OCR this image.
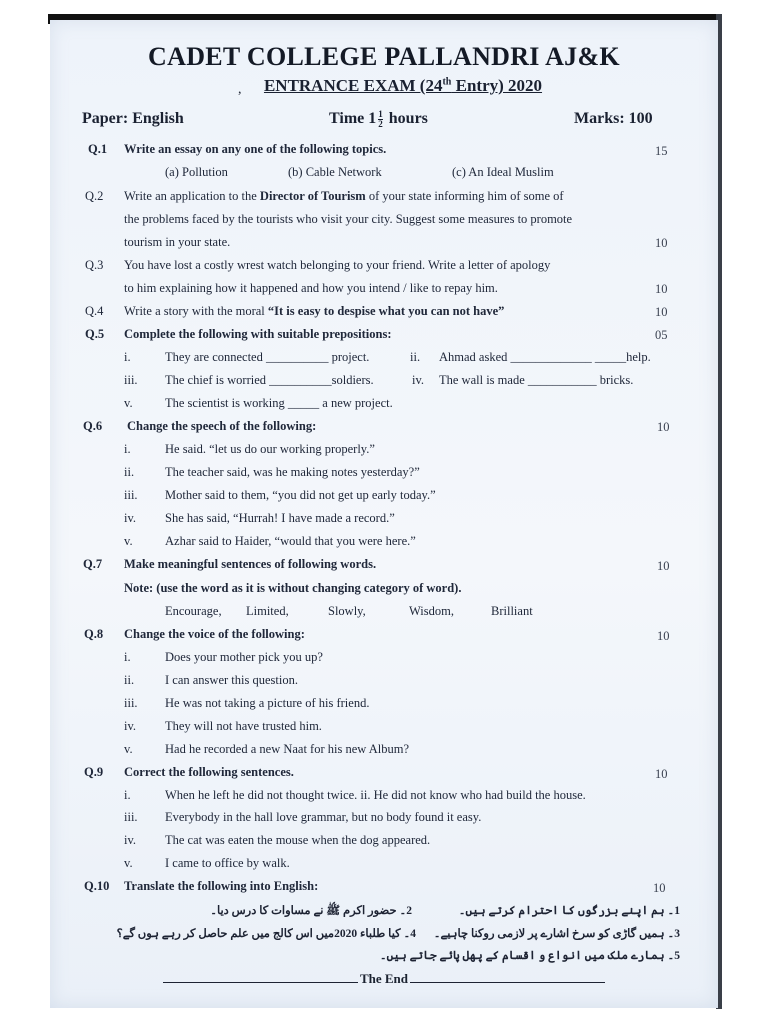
CADET COLLEGE PALLANDRI AJ&K
,	ENTRANCE EXAM (24th Entry) 2020
Paper: English	Time $1 \frac{1}{2}$ hours	Marks: 100
Q.1 Write an essay on any one of the following topics.	15
(a) Pollution	(b) Cable Network	(c) An Ideal Muslim
Q.2 Write an application to the Director of Tourism of your state informing him of some of
the problems faced by the tourists who visit your city. Suggest some measures to promote
tourism in your state.	10
Q.3 You have lost a costly wrest watch belonging to your friend. Write a letter of apology
to him explaining how it happened and how you intend / like to repay him.	10
Q.4 Write a story with the moral “It is easy to despise what you can not have”	10
Q.5 Complete the following with suitable prepositions:	05
i.	They are connected __________ project.	ii. Ahmad asked _____________ _____help.
iii. The chief is worried __________soldiers.	iv. The wall is made ___________ bricks.
v.	The scientist is working _____ a new project.
Q.6 Change the speech of the following:	10
i.	He said. “let us do our working properly.”
ii. The teacher said, was he making notes yesterday?”
iii. Mother said to them, “you did not get up early today.”
iv. She has said, “Hurrah! I have made a record.”
v.	Azhar said to Haider, “would that you were here.”
Q.7 Make meaningful sentences of following words.	10
Note: (use the word as it is without changing category of word).
Encourage, Limited,	Slowly,	Wisdom,	Brilliant
Q.8 Change the voice of the following:	10
i.	Does your mother pick you up?
ii. I can answer this question.
iii. He was not taking a picture of his friend.
iv. They will not have trusted him.
v.	Had he recorded a new Naat for his new Album?
Q.9 Correct the following sentences.	10
i.	When he left he did not thought twice. ii. He did not know who had build the house.
iii. Everybody in the hall love grammar, but no body found it easy.
iv. The cat was eaten the mouse when the dog appeared.
v.	I came to office by walk.
Q.10 Translate the following into English:	10
1۔ ہم اپنے بزرگوں کا احترام کرتے ہیں۔
2۔ حضور اکرم ﷺ نے مساوات کا درس دیا۔
3۔ ہمیں گاڑی کو سرخ اشارے پر لازمی روکنا چاہیے۔
4۔ کیا طلباء 2020میں اس کالج میں علم حاصل کر رہے ہوں گے؟
5۔ ہمارے ملک میں انواع و اقسام کے پھل پائے جاتے ہیں۔
The End
